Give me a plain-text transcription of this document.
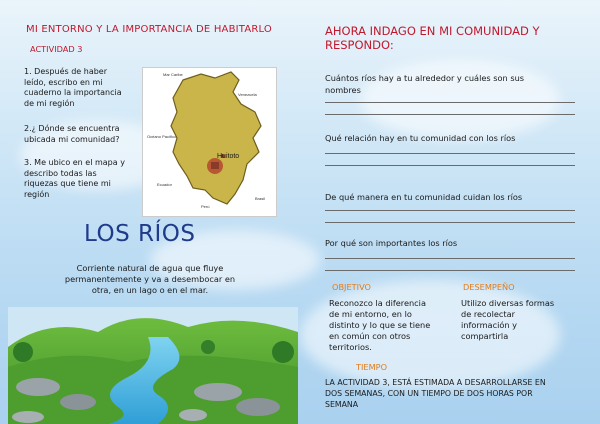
MI ENTORNO Y LA IMPORTANCIA DE HABITARLO
ACTIVIDAD 3
1. Después de haber
leído, escribo en mi
cuaderno la importancia
de mi región
2.¿ Dónde se encuentra
ubicada mi comunidad?
3. Me ubico en el mapa y
describo todas las
riquezas que tiene mi
región
Huitoto
Mar Caribe
Venezuela
Ecuador
Perú
Brasil
Océano Pacífico
LOS RÍOS
Corriente natural de agua que fluye
permanentemente y va a desembocar en
otra, en un lago o en el mar.
AHORA INDAGO EN MI COMUNIDAD Y
RESPONDO:
Cuántos ríos hay a tu alrededor y cuáles son sus
nombres
Qué relación hay en tu comunidad con los ríos
De qué manera en tu comunidad cuidan los ríos
Por qué son importantes los ríos
OBJETIVO
Reconozco la diferencia
de mi entorno, en lo
distinto y lo que se tiene
en común con otros
territorios.
DESEMPEÑO
Utilizo diversas formas
de recolectar
información y
compartirla
TIEMPO
LA ACTIVIDAD 3, ESTÁ ESTIMADA A DESARROLLARSE EN
DOS SEMANAS, CON UN TIEMPO DE DOS HORAS POR
SEMANA
